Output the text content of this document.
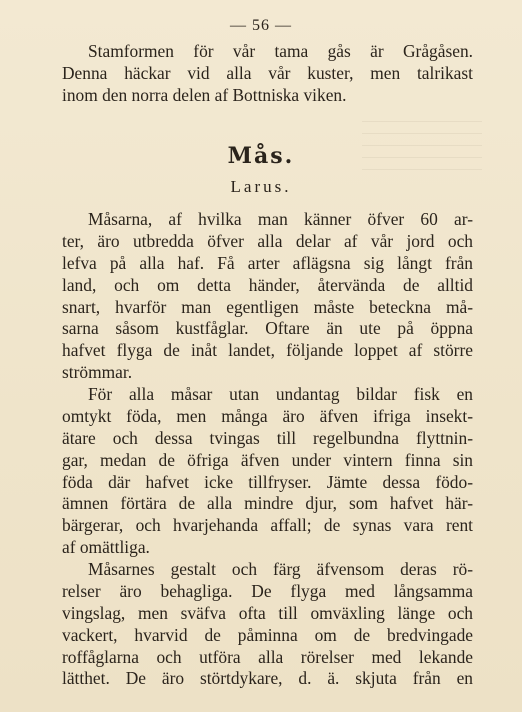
— 56 —
Stamformen för vår tama gås är Grågåsen.
Denna häckar vid alla vår kuster, men talrikast
inom den norra delen af Bottniska viken.
Mås.
Larus.
Måsarna, af hvilka man känner öfver 60 ar-
ter, äro utbredda öfver alla delar af vår jord och
lefva på alla haf. Få arter aflägsna sig långt från
land, och om detta händer, återvända de alltid
snart, hvarför man egentligen måste beteckna må-
sarna såsom kustfåglar. Oftare än ute på öppna
hafvet flyga de inåt landet, följande loppet af större
strömmar.
För alla måsar utan undantag bildar fisk en
omtykt föda, men många äro äfven ifriga insekt-
ätare och dessa tvingas till regelbundna flyttnin-
gar, medan de öfriga äfven under vintern finna sin
föda där hafvet icke tillfryser. Jämte dessa födo-
ämnen förtära de alla mindre djur, som hafvet här-
bärgerar, och hvarjehanda affall; de synas vara rent
af omättliga.
Måsarnes gestalt och färg äfvensom deras rö-
relser äro behagliga. De flyga med långsamma
vingslag, men sväfva ofta till omväxling länge och
vackert, hvarvid de påminna om de bredvingade
roffåglarna och utföra alla rörelser med lekande
lätthet. De äro störtdykare, d. ä. skjuta från en
